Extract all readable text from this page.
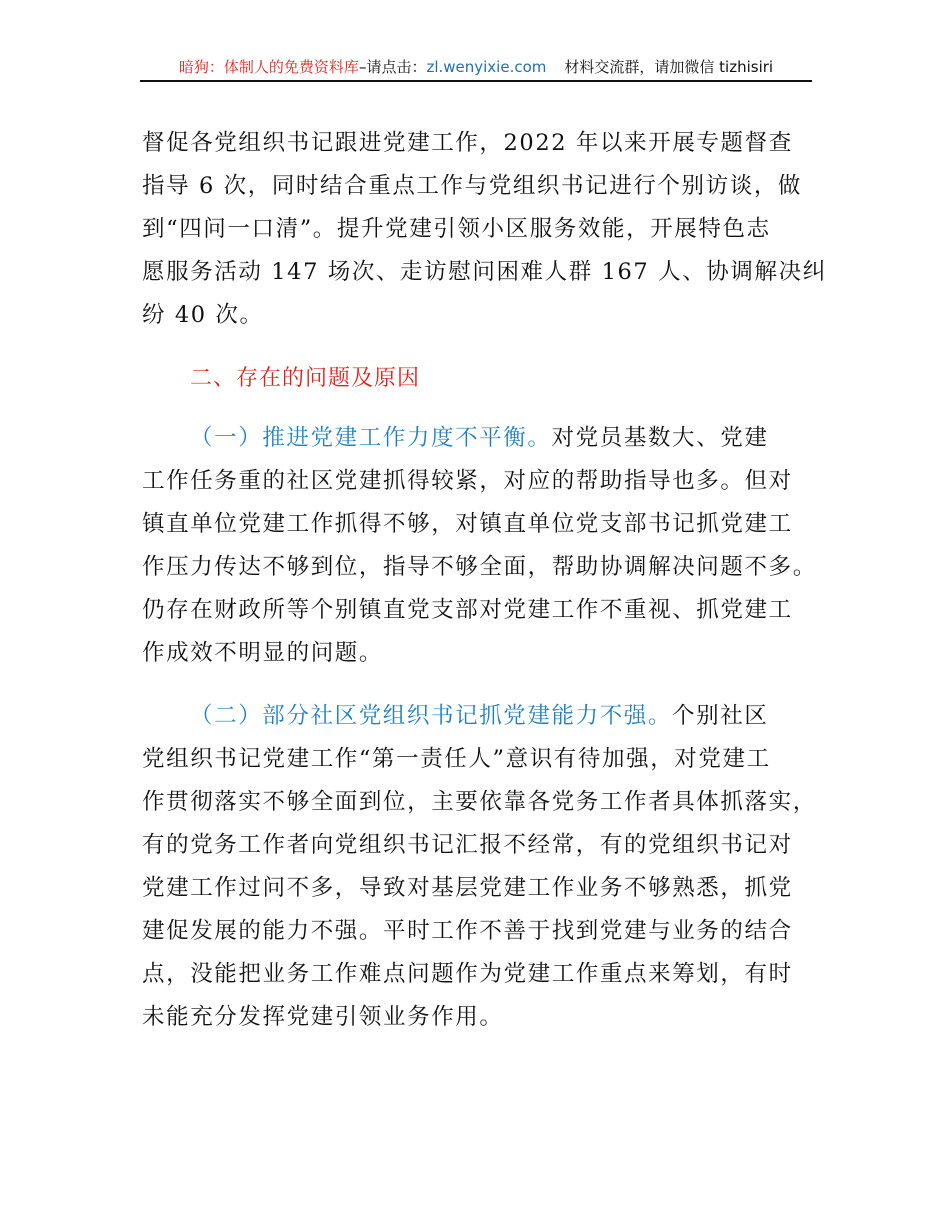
暗狗：体制人的免费资料库–请点击：zl.wenyixie.com 材料交流群，请加微信 tizhisiri
督促各党组织书记跟进党建工作，2022 年以来开展专题督查
指导 6 次，同时结合重点工作与党组织书记进行个别访谈，做
到“四问一口清”。提升党建引领小区服务效能，开展特色志
愿服务活动 147 场次、走访慰问困难人群 167 人、协调解决纠
纷 40 次。
二、存在的问题及原因
（一）推进党建工作力度不平衡。对党员基数大、党建
工作任务重的社区党建抓得较紧，对应的帮助指导也多。但对
镇直单位党建工作抓得不够，对镇直单位党支部书记抓党建工
作压力传达不够到位，指导不够全面，帮助协调解决问题不多。
仍存在财政所等个别镇直党支部对党建工作不重视、抓党建工
作成效不明显的问题。
（二）部分社区党组织书记抓党建能力不强。个别社区
党组织书记党建工作“第一责任人”意识有待加强，对党建工
作贯彻落实不够全面到位，主要依靠各党务工作者具体抓落实，
有的党务工作者向党组织书记汇报不经常，有的党组织书记对
党建工作过问不多，导致对基层党建工作业务不够熟悉，抓党
建促发展的能力不强。平时工作不善于找到党建与业务的结合
点，没能把业务工作难点问题作为党建工作重点来筹划，有时
未能充分发挥党建引领业务作用。
